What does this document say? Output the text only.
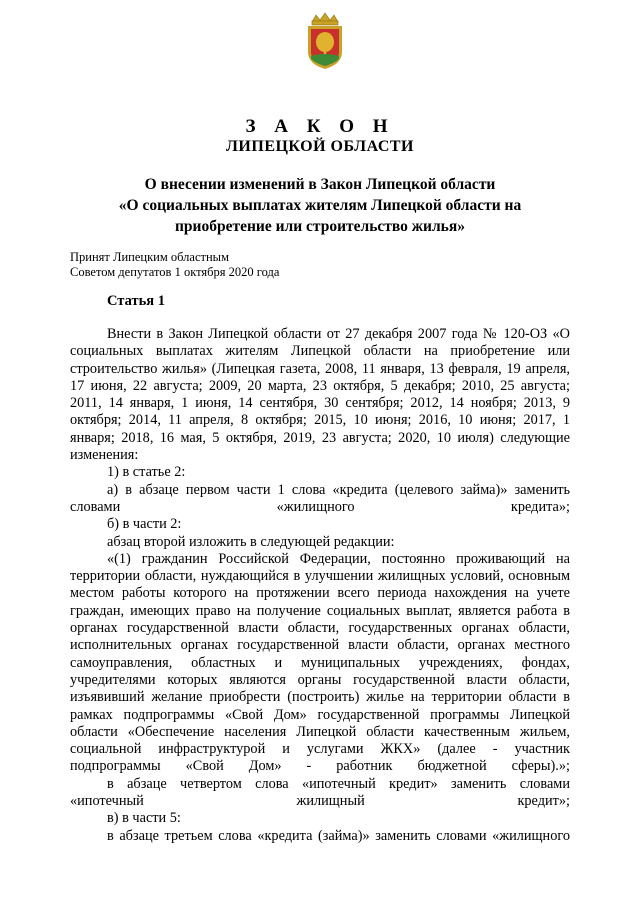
З А К О Н
ЛИПЕЦКОЙ ОБЛАСТИ
О внесении изменений в Закон Липецкой области
«О социальных выплатах жителям Липецкой области на
приобретение или строительство жилья»
Принят Липецким областным
Советом депутатов 1 октября 2020 года
Статья 1

Внести в Закон Липецкой области от 27 декабря 2007 года № 120-ОЗ «О социальных выплатах жителям Липецкой области на приобретение или строительство жилья» (Липецкая газета, 2008, 11 января, 13 февраля, 19 апреля, 17 июня, 22 августа; 2009, 20 марта, 23 октября, 5 декабря; 2010, 25 августа; 2011, 14 января, 1 июня, 14 сентября, 30 сентября; 2012, 14 ноября; 2013, 9 октября; 2014, 11 апреля, 8 октября; 2015, 10 июня; 2016, 10 июня; 2017, 1 января; 2018, 16 мая, 5 октября, 2019, 23 августа; 2020, 10 июля) следующие изменения:

1) в статье 2:

а) в абзаце первом части 1 слова «кредита (целевого займа)» заменить словами «жилищного кредита»;

б) в части 2:

абзац второй изложить в следующей редакции:

«(1) гражданин Российской Федерации, постоянно проживающий на территории области, нуждающийся в улучшении жилищных условий, основным местом работы которого на протяжении всего периода нахождения на учете граждан, имеющих право на получение социальных выплат, является работа в органах государственной власти области, государственных органах области, исполнительных органах государственной власти области, органах местного самоуправления, областных и муниципальных учреждениях, фондах, учредителями которых являются органы государственной власти области, изъявивший желание приобрести (построить) жилье на территории области в рамках подпрограммы «Свой Дом» государственной программы Липецкой области «Обеспечение населения Липецкой области качественным жильем, социальной инфраструктурой и услугами ЖКХ» (далее - участник подпрограммы «Свой Дом» - работник бюджетной сферы).»;

в абзаце четвертом слова «ипотечный кредит» заменить словами «ипотечный жилищный кредит»;

в) в части 5:

в абзаце третьем слова «кредита (займа)» заменить словами «жилищного
